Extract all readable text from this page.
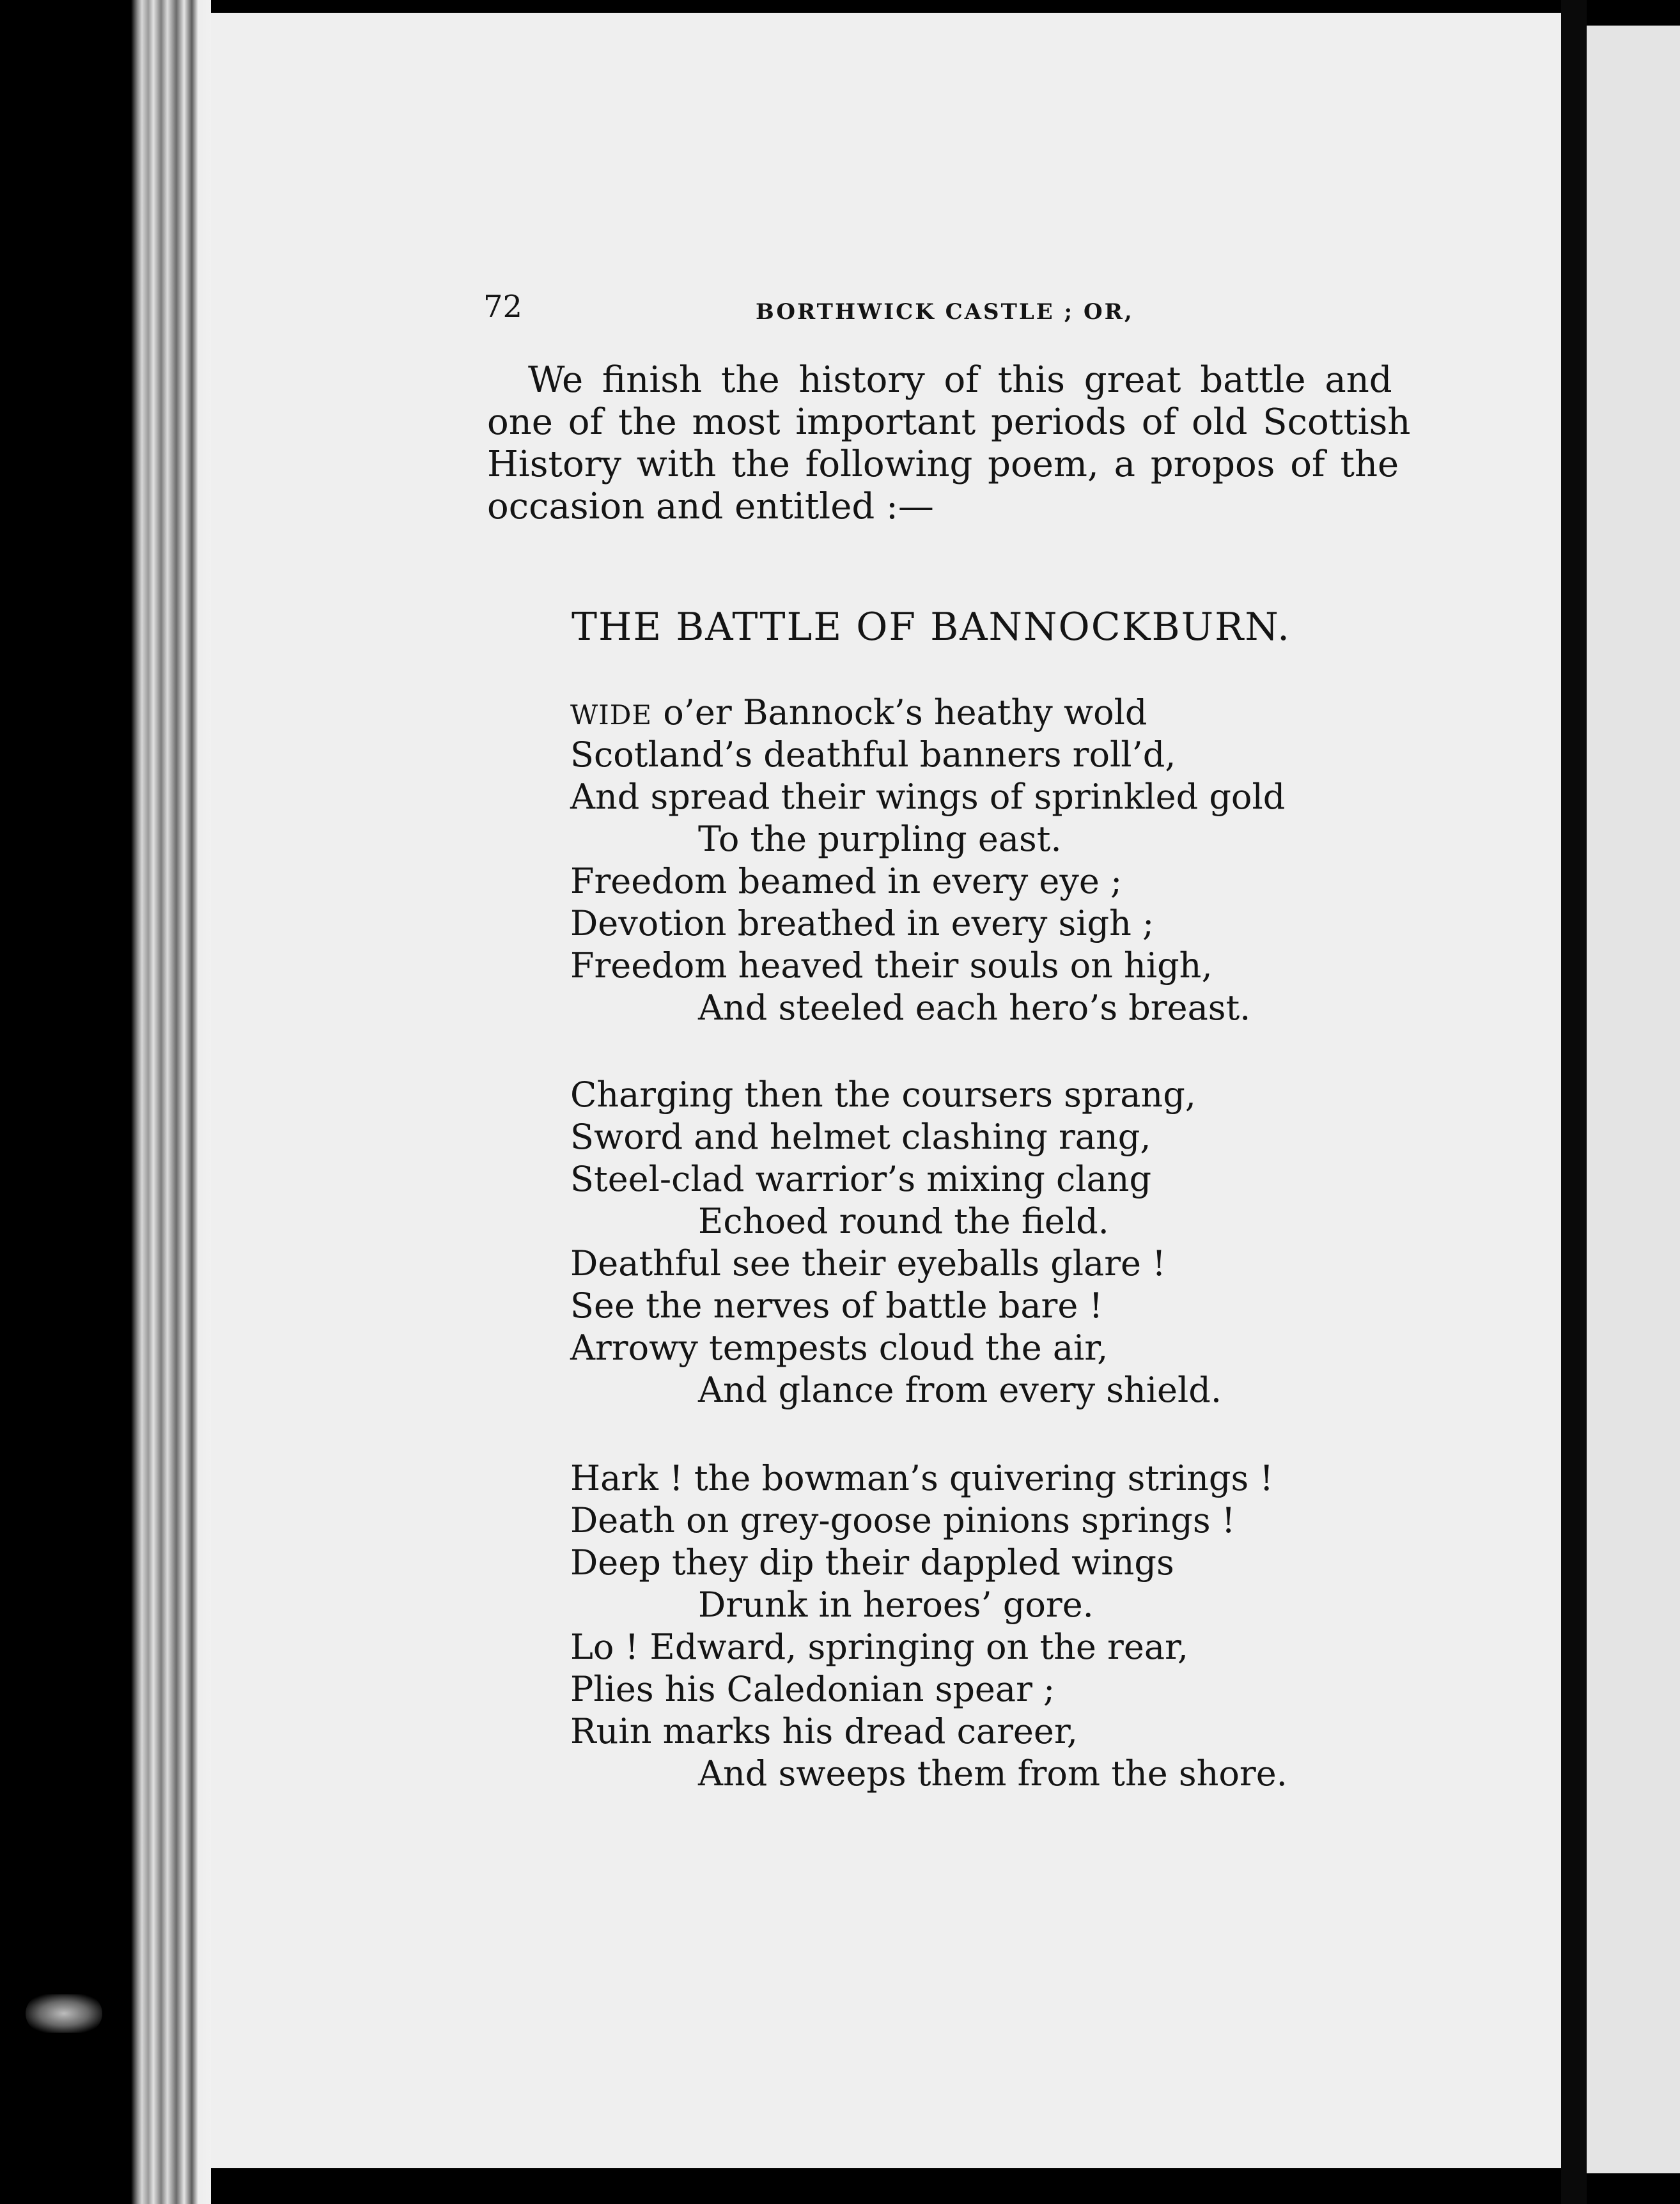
72	BORTHWICK CASTLE ; OR,

We finish the history of this great battle and

one of the most important periods of old Scottish

History with the following poem, a propos of the

occasion and entitled :—

THE BATTLE OF BANNOCKBURN.

WIDE o’er Bannock’s heathy wold

Scotland’s deathful banners roll’d,

And spread their wings of sprinkled gold

To the purpling east.

Freedom beamed in every eye ;

Devotion breathed in every sigh ;

Freedom heaved their souls on high,

And steeled each hero’s breast.

Charging then the coursers sprang,

Sword and helmet clashing rang,

Steel-clad warrior’s mixing clang

Echoed round the field.

Deathful see their eyeballs glare !

See the nerves of battle bare !

Arrowy tempests cloud the air,

And glance from every shield.

Hark ! the bowman’s quivering strings !

Death on grey-goose pinions springs !

Deep they dip their dappled wings

Drunk in heroes’ gore.

Lo ! Edward, springing on the rear,

Plies his Caledonian spear ;

Ruin marks his dread career,

And sweeps them from the shore.
